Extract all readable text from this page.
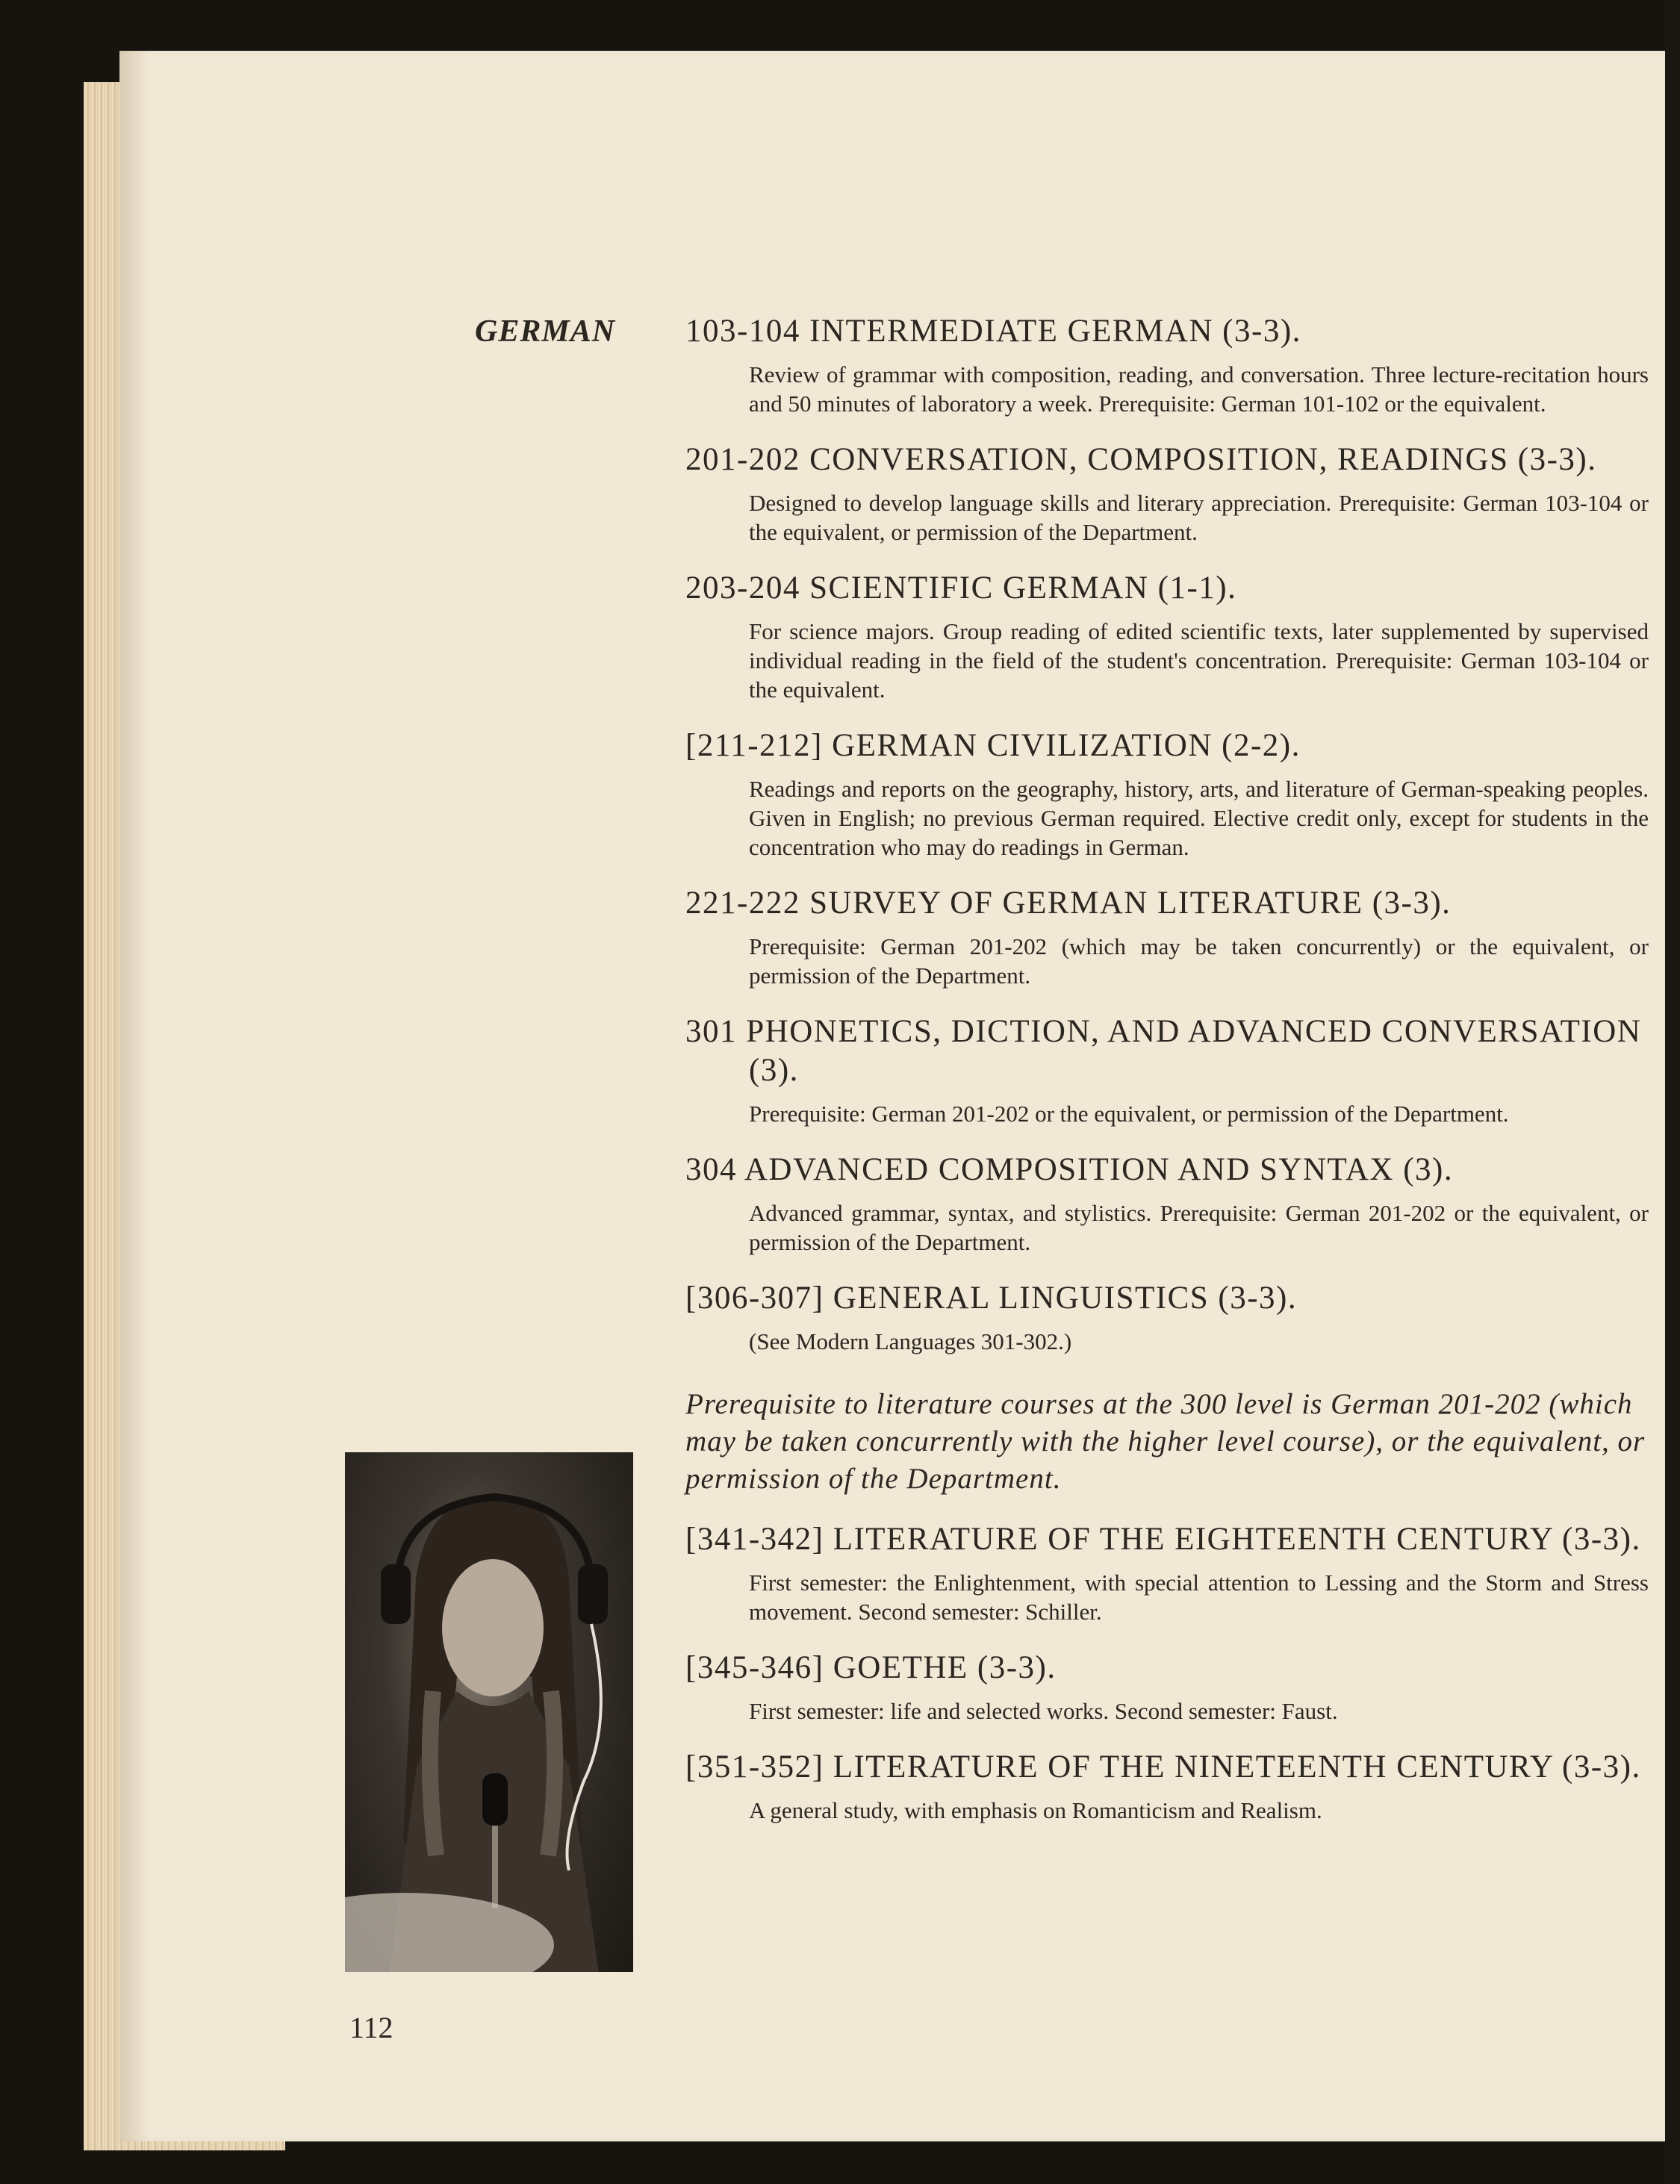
GERMAN 103-104 INTERMEDIATE GERMAN (3-3).
Review of grammar with composition, reading, and conversation. Three lecture-recitation hours and 50 minutes of laboratory a week. Prerequisite: German 101-102 or the equivalent.
201-202 CONVERSATION, COMPOSITION, READINGS (3-3).
Designed to develop language skills and literary appreciation. Prerequisite: German 103-104 or the equivalent, or permission of the Department.
203-204 SCIENTIFIC GERMAN (1-1).
For science majors. Group reading of edited scientific texts, later supplemented by supervised individual reading in the field of the student's concentration. Prerequisite: German 103-104 or the equivalent.
[211-212] GERMAN CIVILIZATION (2-2).
Readings and reports on the geography, history, arts, and literature of German-speaking peoples. Given in English; no previous German required. Elective credit only, except for students in the concentration who may do readings in German.
221-222 SURVEY OF GERMAN LITERATURE (3-3).
Prerequisite: German 201-202 (which may be taken concurrently) or the equivalent, or permission of the Department.
301 PHONETICS, DICTION, AND ADVANCED CONVERSATION (3).
Prerequisite: German 201-202 or the equivalent, or permission of the Department.
304 ADVANCED COMPOSITION AND SYNTAX (3).
Advanced grammar, syntax, and stylistics. Prerequisite: German 201-202 or the equivalent, or permission of the Department.
[306-307] GENERAL LINGUISTICS (3-3).
(See Modern Languages 301-302.)
Prerequisite to literature courses at the 300 level is German 201-202 (which may be taken concurrently with the higher level course), or the equivalent, or permission of the Department.
[341-342] LITERATURE OF THE EIGHTEENTH CENTURY (3-3).
First semester: the Enlightenment, with special attention to Lessing and the Storm and Stress movement. Second semester: Schiller.
[345-346] GOETHE (3-3).
First semester: life and selected works. Second semester: Faust.
[351-352] LITERATURE OF THE NINETEENTH CENTURY (3-3).
A general study, with emphasis on Romanticism and Realism.
112
